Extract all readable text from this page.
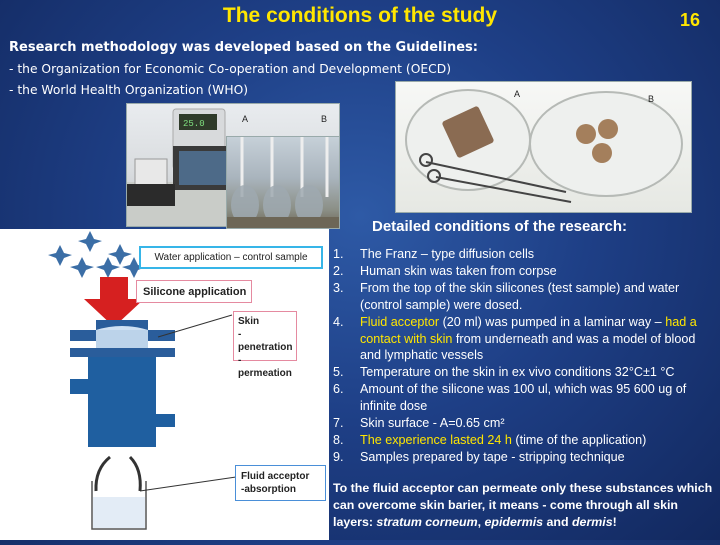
The conditions of the study	16
Research methodology was developed based on the Guidelines:
- the Organization for Economic Co-operation and Development (OECD)
- the World Health Organization (WHO)
25.0	A	B
A	B
Detailed conditions of the research:
Water application – control sample
Silicone application
Skin
-penetration
-permeation
Fluid acceptor
-absorption
1. The Franz – type diffusion cells
2. Human skin was taken from corpse
3. From the top of the skin silicones (test sample) and water (control sample) were dosed.
4. Fluid acceptor (20 ml) was pumped in a laminar way – had a contact with skin from underneath and was a model of blood and lymphatic vessels
5. Temperature on the skin in ex vivo conditions 32°C±1 °C
6. Amount of the silicone was 100 ul, which was 95 600 ug of infinite dose
7. Skin surface - A=0.65 cm²
8. The experience lasted 24 h (time of the application)
9. Samples prepared by tape - stripping technique
To the fluid acceptor can permeate only these substances which can overcome skin barier, it means - come through all skin layers: stratum corneum, epidermis and dermis!
